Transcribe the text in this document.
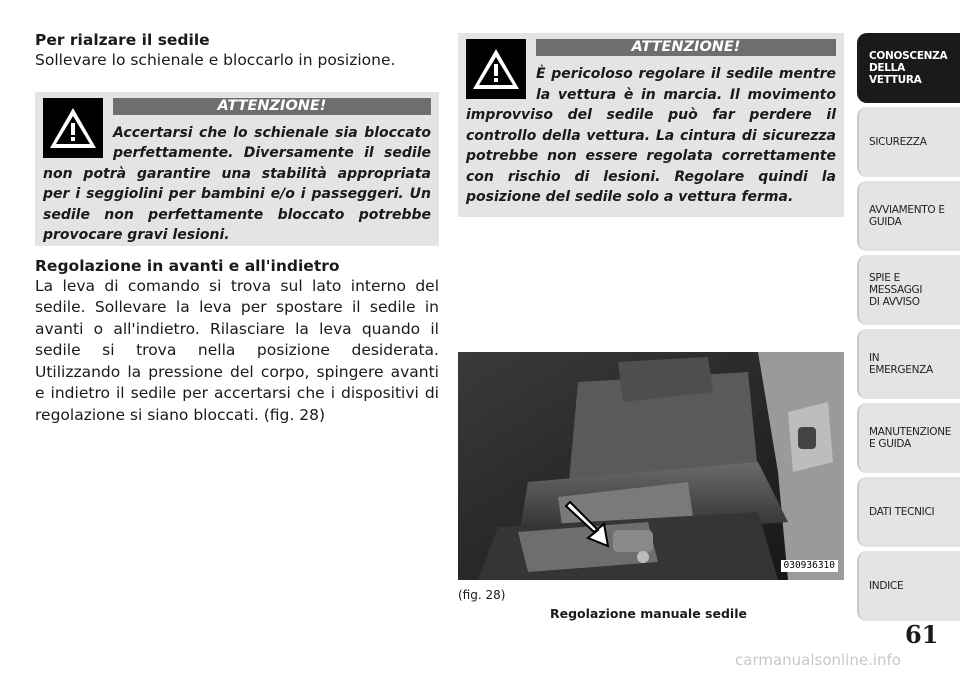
Per rialzare il sedile

Sollevare lo schienale e bloccarlo in posizione.

ATTENZIONE!
Accertarsi che lo schienale sia bloccato perfettamente. Diversamente il sedile non potrà garantire una stabilità appropriata per i seggiolini per bambini e/o i passeggeri. Un sedile non perfettamente bloccato potrebbe provocare gravi lesioni.

Regolazione in avanti e all'indietro

La leva di comando si trova sul lato interno del sedile. Sollevare la leva per spostare il sedile in avanti o all'indietro. Rilasciare la leva quando il sedile si trova nella posizione desiderata. Utilizzando la pressione del corpo, spingere avanti e indietro il sedile per accertarsi che i dispositivi di regolazione si siano bloccati. (fig. 28)

ATTENZIONE!
È pericoloso regolare il sedile mentre la vettura è in marcia. Il movimento improvviso del sedile può far perdere il controllo della vettura. La cintura di sicurezza potrebbe non essere regolata correttamente con rischio di lesioni. Regolare quindi la posizione del sedile solo a vettura ferma.
030936310
(fig. 28)
Regolazione manuale sedile
CONOSCENZA
DELLA VETTURA
SICUREZZA
AVVIAMENTO E
GUIDA
SPIE E
MESSAGGI
DI AVVISO
IN
EMERGENZA
MANUTENZIONE
E GUIDA
DATI TECNICI
INDICE
61
carmanualsonline.info
